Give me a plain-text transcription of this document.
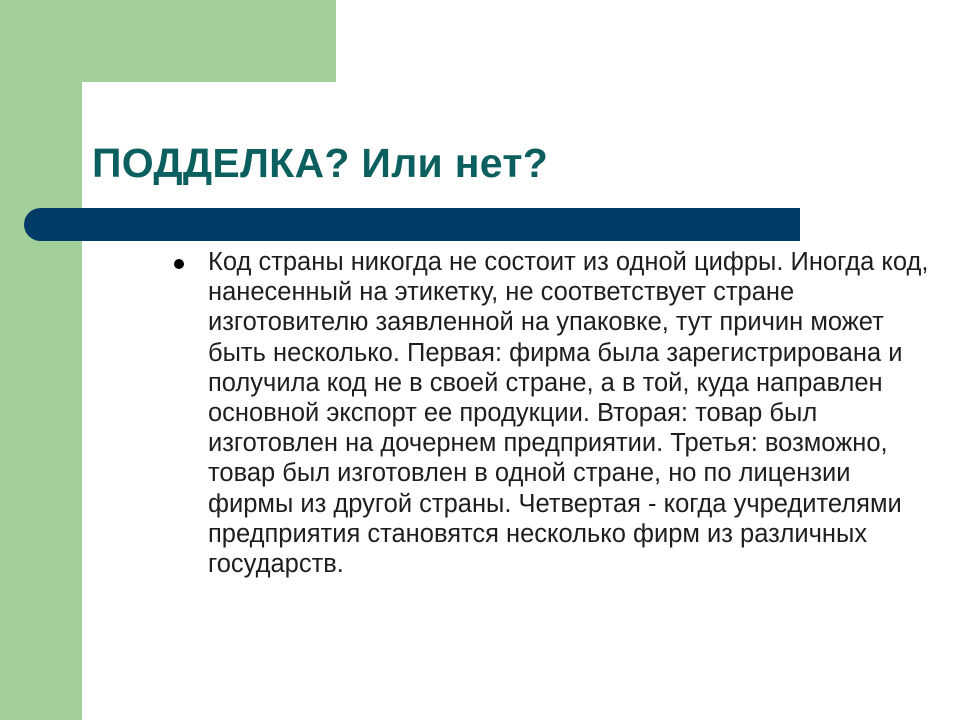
ПОДДЕЛКА? Или нет?
Код страны никогда не состоит из одной цифры. Иногда код, нанесенный на этикетку, не соответствует стране изготовителю заявленной на упаковке, тут причин может быть несколько. Первая: фирма была зарегистрирована и получила код не в своей стране, а в той, куда направлен основной экспорт ее продукции. Вторая: товар был изготовлен на дочернем предприятии. Третья: возможно, товар был изготовлен в одной стране, но по лицензии фирмы из другой страны. Четвертая - когда учредителями предприятия становятся несколько фирм из различных государств.
